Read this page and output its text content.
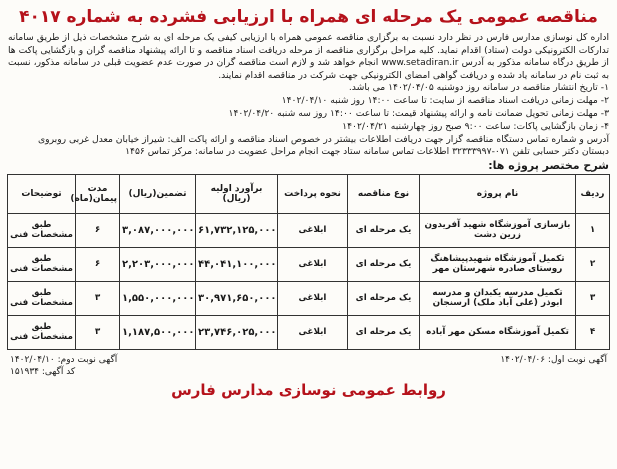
مناقصه عمومی یک مرحله ای همراه با ارزیابی فشرده به شماره ۴۰۱۷

اداره کل نوسازی مدارس فارس در نظر دارد نسبت به برگزاری مناقصه عمومی همراه با ارزیابی کیفی یک مرحله ای به شرح مشخصات ذیل از طریق سامانه تدارکات الکترونیکی دولت (ستاد) اقدام نماید. کلیه مراحل برگزاری مناقصه از مرحله دریافت اسناد مناقصه و تا ارائه پیشنهاد مناقصه گران و بازگشایی پاکت ها از طریق درگاه سامانه مذکور به آدرس www.setadiran.ir انجام خواهد شد و لازم است مناقصه گران در صورت عدم عضویت قبلی در سامانه مذکور، نسبت به ثبت نام در سامانه یاد شده و دریافت گواهی امضای الکترونیکی جهت شرکت در مناقصه اقدام نمایند.

۱- تاریخ انتشار مناقصه در سامانه روز دوشنبه ۱۴۰۲/۰۴/۰۵ می باشد.
۲- مهلت زمانی دریافت اسناد مناقصه از سایت: تا ساعت ۱۴:۰۰ روز شنبه ۱۴۰۲/۰۴/۱۰
۳- مهلت زمانی تحویل ضمانت نامه و ارائه پیشنهاد قیمت: تا ساعت ۱۴:۰۰ روز سه شنبه ۱۴۰۲/۰۴/۲۰
۴- زمان بازگشایی پاکات: ساعت ۹:۰۰ صبح روز چهارشنبه ۱۴۰۲/۰۴/۲۱
آدرس و شماره تماس دستگاه مناقصه گزار جهت دریافت اطلاعات بیشتر در خصوص اسناد مناقصه و ارائه پاکت الف: شیراز خیابان معدل غربی روبروی دبستان دکتر حسابی تلفن ۰۷۱-۳۲۳۳۳۹۹۷ اطلاعات تماس سامانه ستاد جهت انجام مراحل عضویت در سامانه: مرکز تماس ۱۴۵۶
شرح مختصر پروژه ها:
ردیف	نام پروژه	نوع مناقصه	نحوه پرداخت	برآورد اولیه (ریال)	تضمین(ریال)	مدت پیمان(ماه)	توضیحات
۱	بازسازی آموزشگاه شهید آفریدون زرین دشت	یک مرحله ای	ابلاغی	۶۱,۷۳۲,۱۲۵,۰۰۰	۳,۰۸۷,۰۰۰,۰۰۰	۶	طبق مشخصات فنی
۲	تکمیل آموزشگاه شهیدپیشاهنگ روستای صادره شهرستان مهر	یک مرحله ای	ابلاغی	۴۴,۰۴۱,۱۰۰,۰۰۰	۲,۲۰۳,۰۰۰,۰۰۰	۶	طبق مشخصات فنی
۳	تکمیل مدرسه یکبدان و مدرسه ابوذر (علی آباد ملک) ارسنجان	یک مرحله ای	ابلاغی	۳۰,۹۷۱,۶۵۰,۰۰۰	۱,۵۵۰,۰۰۰,۰۰۰	۳	طبق مشخصات فنی
۴	تکمیل آموزشگاه مسکن مهر آباده	یک مرحله ای	ابلاغی	۲۳,۷۴۶,۰۲۵,۰۰۰	۱,۱۸۷,۵۰۰,۰۰۰	۳	طبق مشخصات فنی
آگهی نوبت اول: ۱۴۰۲/۰۴/۰۶
آگهی نوبت دوم: ۱۴۰۲/۰۴/۱۰
کد آگهی: ۱۵۱۹۳۴
روابط عمومی نوسازی مدارس فارس
